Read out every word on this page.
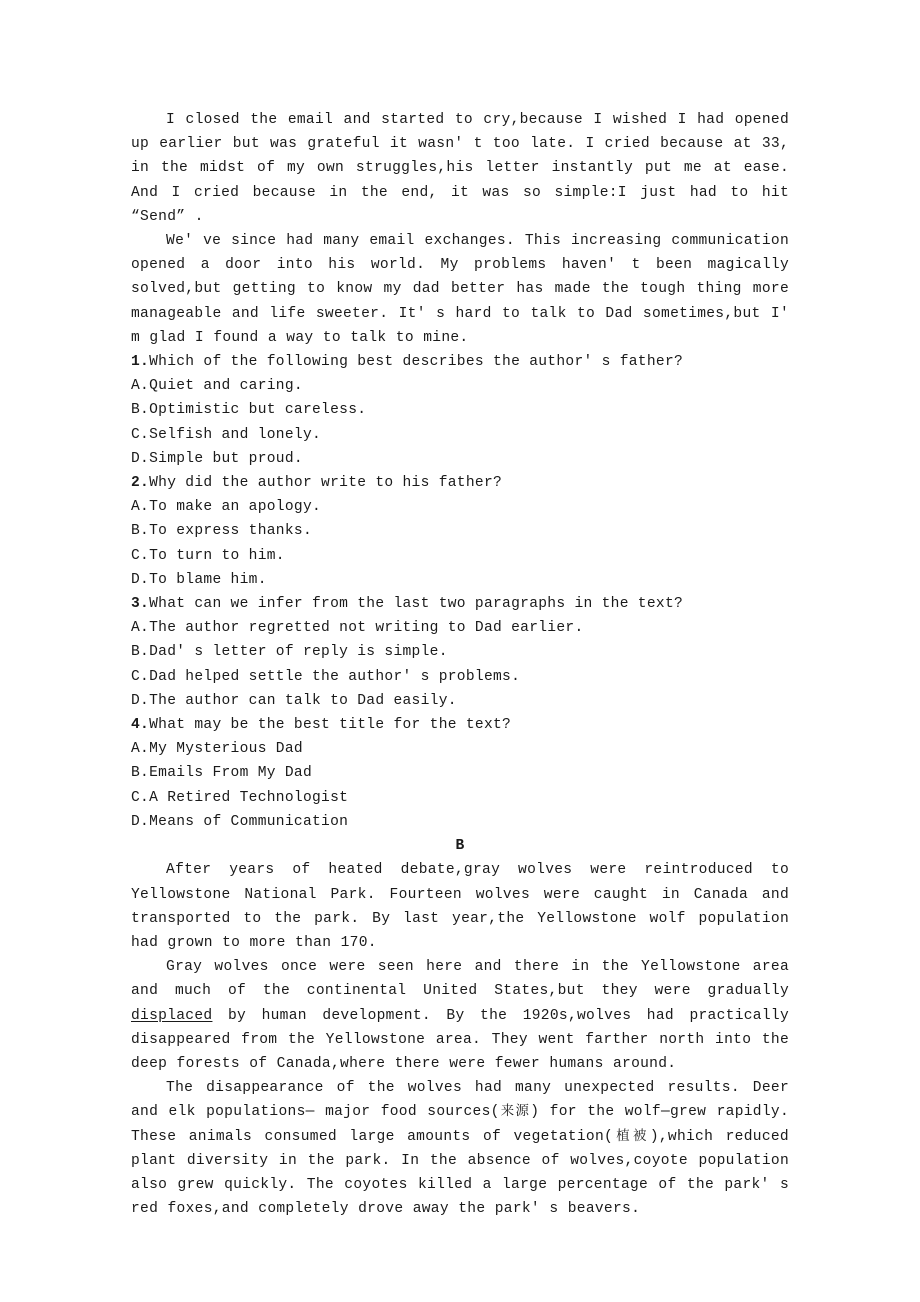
I closed the email and started to cry,because I wished I had opened up earlier but was grateful it wasn' t too late. I cried because at 33, in the midst of my own struggles,his letter instantly put me at ease. And I cried because in the end, it was so simple:I just had to hit “Send” .

We' ve since had many email exchanges. This increasing communication opened a door into his world. My problems haven' t been magically solved,but getting to know my dad better has made the tough thing more manageable and life sweeter. It' s hard to talk to Dad sometimes,but I' m glad I found a way to talk to mine.

1.Which of the following best describes the author' s father?

A.Quiet and caring.

B.Optimistic but careless.

C.Selfish and lonely.

D.Simple but proud.

2.Why did the author write to his father?

A.To make an apology.

B.To express thanks.

C.To turn to him.

D.To blame him.

3.What can we infer from the last two paragraphs in the text?

A.The author regretted not writing to Dad earlier.

B.Dad' s letter of reply is simple.

C.Dad helped settle the author' s problems.

D.The author can talk to Dad easily.

4.What may be the best title for the text?

A.My Mysterious Dad

B.Emails From My Dad

C.A Retired Technologist

D.Means of Communication

B

After years of heated debate,gray wolves were reintroduced to Yellowstone National Park. Fourteen wolves were caught in Canada and transported to the park. By last year,the Yellowstone wolf population had grown to more than 170.

Gray wolves once were seen here and there in the Yellowstone area and much of the continental United States,but they were gradually displaced by human development. By the 1920s,wolves had practically disappeared from the Yellowstone area. They went farther north into the deep forests of Canada,where there were fewer humans around.

The disappearance of the wolves had many unexpected results. Deer and elk populations— major food sources(来源) for the wolf—grew rapidly. These animals consumed large amounts of vegetation(植被),which reduced plant diversity in the park. In the absence of wolves,coyote population also grew quickly. The coyotes killed a large percentage of the park' s red foxes,and completely drove away the park' s beavers.
